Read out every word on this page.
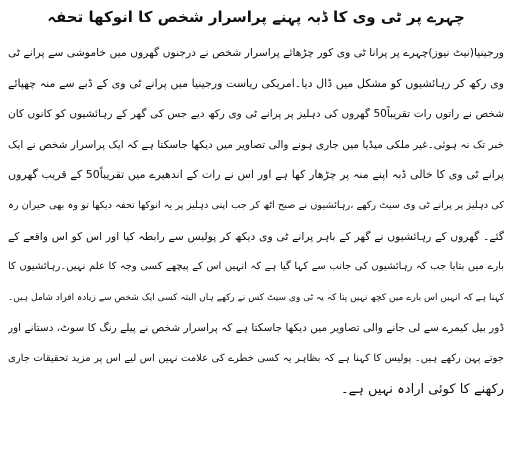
چہرے پر ٹی وی کا ڈبہ پہنے پراسرار شخص کا انوکھا تحفہ
ورجینیا(نیٹ نیوز)چہرے پر پرانا ٹی وی کور چڑھائے پراسرار شخص نے درجنوں گھروں میں خاموشی سے پرانے ٹی
وی رکھ کر رہائشیوں کو مشکل میں ڈال دیا۔امریکی ریاست ورجینیا میں پرانے ٹی وی کے ڈبے سے منہ چھپائے
شخص نے راتوں رات تقریباً50 گھروں کی دہلیز پر پرانے ٹی وی رکھ دیے جس کی گھر کے رہائشیوں کو کانوں کان
خبر تک نہ ہوئی۔غیر ملکی میڈیا میں جاری ہونے والی تصاویر میں دیکھا جاسکتا ہے کہ ایک پراسرار شخص نے ایک
پرانے ٹی وی کا خالی ڈبہ اپنے منہ پر چڑھار کھا ہے اور اس نے رات کے اندھیرے میں تقریباً50 کے قریب گھروں
کی دہلیز پر پرانے ٹی وی سیٹ رکھے ،رہائشیوں نے صبح اٹھ کر جب اپنی دہلیز پر یہ انوکھا تحفہ دیکھا تو وہ بھی حیران رہ
گئے۔ گھروں کے رہائشیوں نے گھر کے باہر پرانے ٹی وی دیکھ کر پولیس سے رابطہ کیا اور اس کو اس واقعے کے
بارے میں بتایا جب کہ رہائشیوں کی جانب سے کہا گیا ہے کہ انہیں اس کے پیچھے کسی وجہ کا علم نہیں۔رہائشیوں کا
کہنا ہے کہ انہیں اس بارے میں کچھ نہیں پتا کہ یہ ٹی وی سیٹ کس نے رکھے ہاں البتہ کسی ایک شخص سے زیادہ افراد شامل ہیں۔
ڈور بیل کیمرے سے لی جانے والی تصاویر میں دیکھا جاسکتا ہے کہ پراسرار شخص نے پیلے رنگ کا سوٹ، دستانے اور
جوتے پہن رکھے ہیں۔ پولیس کا کہنا ہے کہ بظاہر یہ کسی خطرے کی علامت نہیں اس لیے اس پر مزید تحقیقات جاری
رکھنے کا کوئی ارادہ نہیں ہے۔
